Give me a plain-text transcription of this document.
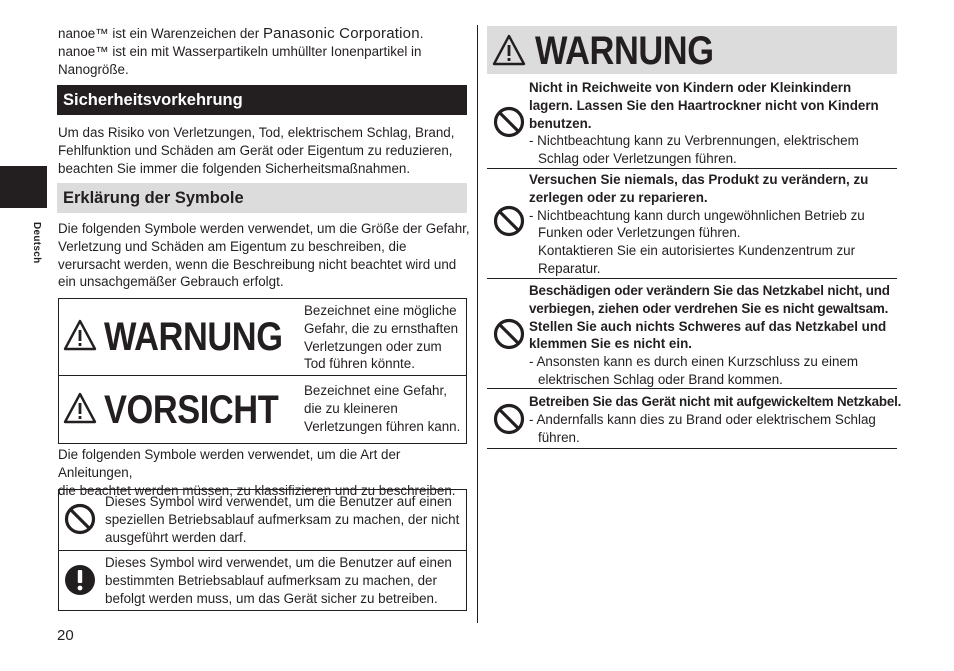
Deutsch
nanoe™ ist ein Warenzeichen der Panasonic Corporation.
nanoe™ ist ein mit Wasserpartikeln umhüllter Ionenpartikel in
Nanogröße.
Sicherheitsvorkehrung
Um das Risiko von Verletzungen, Tod, elektrischem Schlag, Brand,
Fehlfunktion und Schäden am Gerät oder Eigentum zu reduzieren,
beachten Sie immer die folgenden Sicherheitsmaßnahmen.
Erklärung der Symbole
Die folgenden Symbole werden verwendet, um die Größe der Gefahr,
Verletzung und Schäden am Eigentum zu beschreiben, die
verursacht werden, wenn die Beschreibung nicht beachtet wird und
ein unsachgemäßer Gebrauch erfolgt.
WARNUNG
Bezeichnet eine mögliche
Gefahr, die zu ernsthaften
Verletzungen oder zum
Tod führen könnte.
VORSICHT Bezeichnet eine Gefahr,
die zu kleineren
Verletzungen führen kann.
Die folgenden Symbole werden verwendet, um die Art der Anleitungen,
die beachtet werden müssen, zu klassifizieren und zu beschreiben.
Dieses Symbol wird verwendet, um die Benutzer auf einen
speziellen Betriebsablauf aufmerksam zu machen, der nicht
ausgeführt werden darf.
Dieses Symbol wird verwendet, um die Benutzer auf einen
bestimmten Betriebsablauf aufmerksam zu machen, der
befolgt werden muss, um das Gerät sicher zu betreiben.
20
WARNUNG
Nicht in Reichweite von Kindern oder Kleinkindern
lagern. Lassen Sie den Haartrockner nicht von Kindern
benutzen.
- Nichtbeachtung kann zu Verbrennungen, elektrischem
Schlag oder Verletzungen führen.
Versuchen Sie niemals, das Produkt zu verändern, zu
zerlegen oder zu reparieren.
- Nichtbeachtung kann durch ungewöhnlichen Betrieb zu
Funken oder Verletzungen führen.
Kontaktieren Sie ein autorisiertes Kundenzentrum zur
Reparatur.
Beschädigen oder verändern Sie das Netzkabel nicht, und
verbiegen, ziehen oder verdrehen Sie es nicht gewaltsam.
Stellen Sie auch nichts Schweres auf das Netzkabel und
klemmen Sie es nicht ein.
- Ansonsten kann es durch einen Kurzschluss zu einem
elektrischen Schlag oder Brand kommen.
Betreiben Sie das Gerät nicht mit aufgewickeltem Netzkabel.
- Andernfalls kann dies zu Brand oder elektrischem Schlag
führen.
